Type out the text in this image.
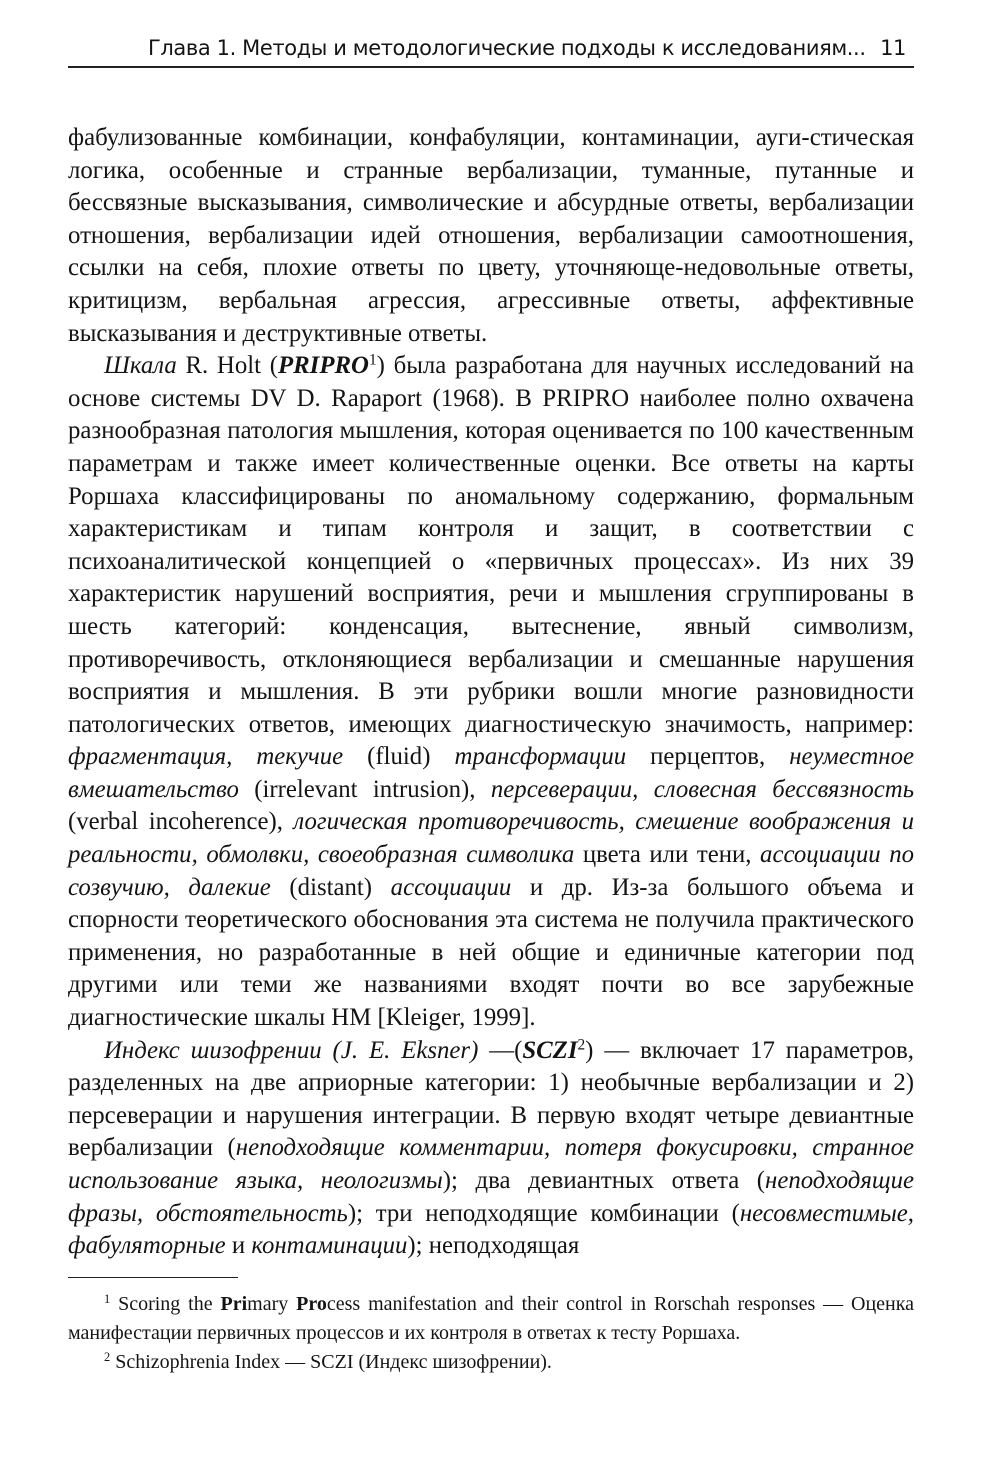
Глава 1. Методы и методологические подходы к исследованиям... 11

фабулизованные комбинации, конфабуляции, контаминации, ауги-стическая логика, особенные и странные вербализации, туманные, путанные и бессвязные высказывания, символические и абсурдные ответы, вербализации отношения, вербализации идей отношения, вербализации самоотношения, ссылки на себя, плохие ответы по цвету, уточняюще-недовольные ответы, критицизм, вербальная агрессия, агрессивные ответы, аффективные высказывания и деструктивные ответы.

Шкала R. Holt (PRIPRO$^1$) была разработана для научных исследований на основе системы DV D. Rapaport (1968). В PRIPRO наиболее полно охвачена разнообразная патология мышления, которая оценивается по 100 качественным параметрам и также имеет количественные оценки. Все ответы на карты Роршаха классифицированы по аномальному содержанию, формальным характеристикам и типам контроля и защит, в соответствии с психоаналитической концепцией о «первичных процессах». Из них 39 характеристик нарушений восприятия, речи и мышления сгруппированы в шесть категорий: конденсация, вытеснение, явный символизм, противоречивость, отклоняющиеся вербализации и смешанные нарушения восприятия и мышления. В эти рубрики вошли многие разновидности патологических ответов, имеющих диагностическую значимость, например: фрагментация, текучие (fluid) трансформации перцептов, неуместное вмешательство (irrelevant intrusion), персеверации, словесная бессвязность (verbal incoherence), логическая противоречивость, смешение воображения и реальности, обмолвки, своеобразная символика цвета или тени, ассоциации по созвучию, далекие (distant) ассоциации и др. Из-за большого объема и спорности теоретического обоснования эта система не получила практического применения, но разработанные в ней общие и единичные категории под другими или теми же названиями входят почти во все зарубежные диагностические шкалы НМ [Kleiger, 1999].

Индекс шизофрении (J. E. Eksner) —(SCZI$^2$) — включает 17 параметров, разделенных на две априорные категории: 1) необычные вербализации и 2) персеверации и нарушения интеграции. В первую входят четыре девиантные вербализации (неподходящие комментарии, потеря фокусировки, странное использование языка, неологизмы); два девиантных ответа (неподходящие фразы, обстоятельность); три неподходящие комбинации (несовместимые, фабуляторные и контаминации); неподходящая

$^1$ Scoring the Primary Process manifestation and their control in Rorschah responses — Оценка манифестации первичных процессов и их контроля в ответах к тесту Роршаха.

$^2$ Schizophrenia Index — SCZI (Индекс шизофрении).
